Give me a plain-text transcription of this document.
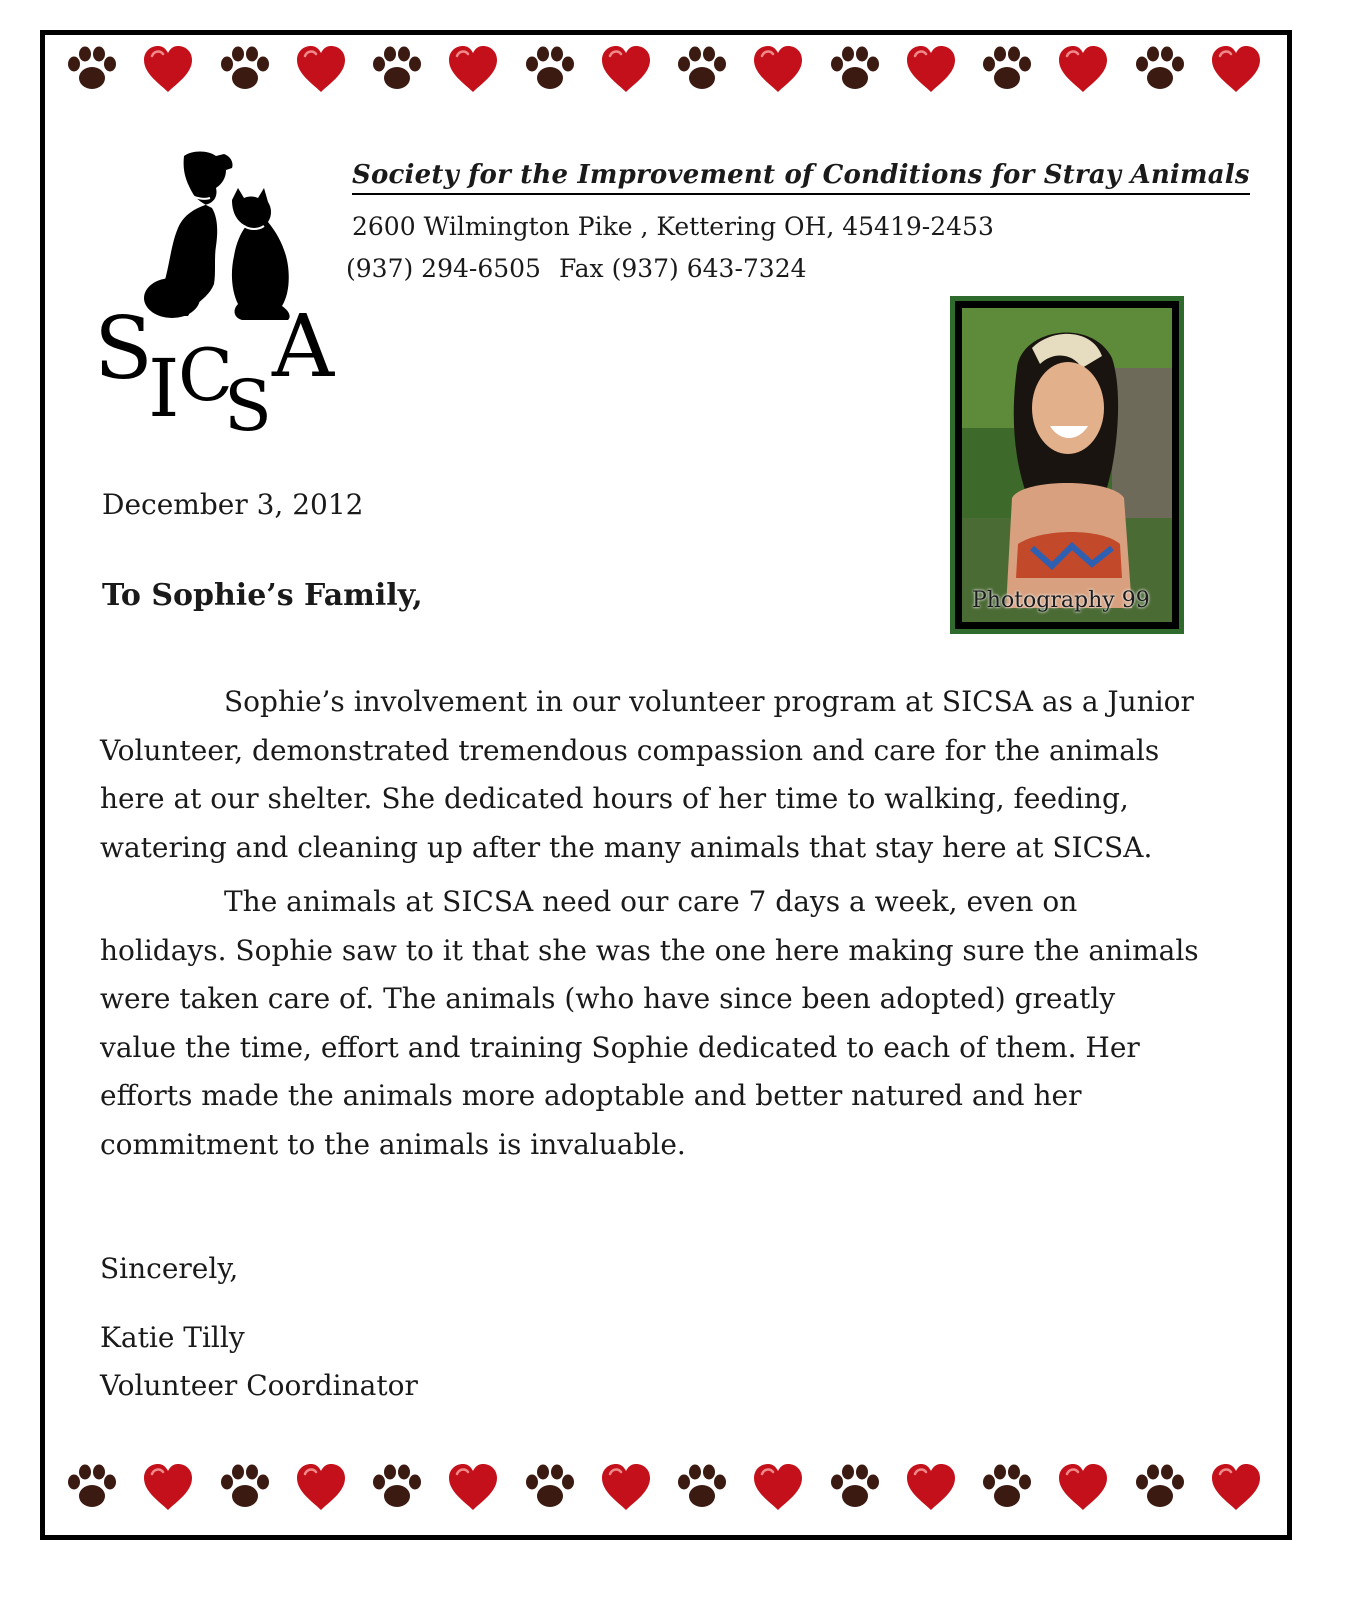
S
I
C
S
A
Society for the Improvement of Conditions for Stray Animals
2600 Wilmington Pike , Kettering OH, 45419-2453
(937) 294-6505 Fax (937) 643-7324
Photography 99
December 3, 2012
To Sophie’s Family,

Sophie’s involvement in our volunteer program at SICSA as a Junior Volunteer, demonstrated tremendous compassion and care for the animals here at our shelter. She dedicated hours of her time to walking, feeding, watering and cleaning up after the many animals that stay here at SICSA.

The animals at SICSA need our care 7 days a week, even on holidays. Sophie saw to it that she was the one here making sure the animals were taken care of. The animals (who have since been adopted) greatly value the time, effort and training Sophie dedicated to each of them. Her efforts made the animals more adoptable and better natured and her commitment to the animals is invaluable.

Sincerely,
Katie Tilly
Volunteer Coordinator
